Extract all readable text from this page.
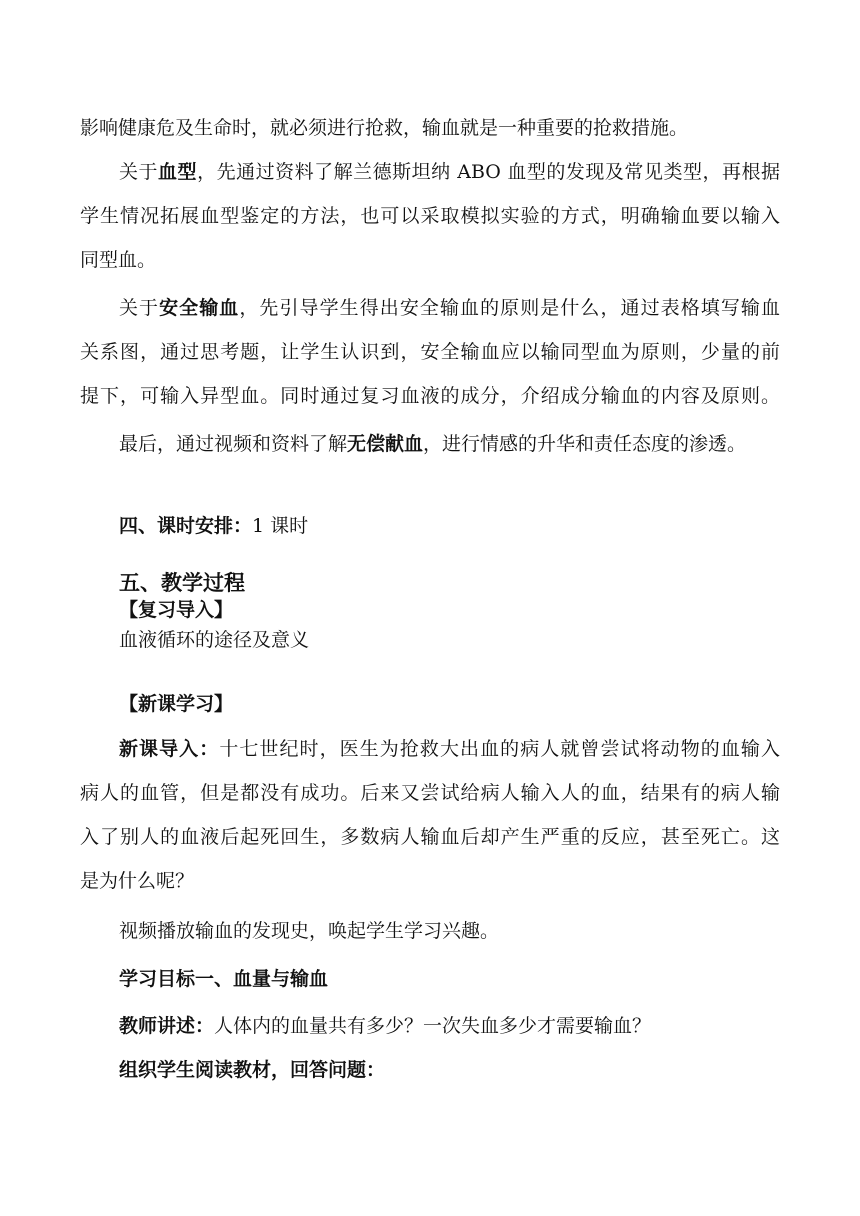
影响健康危及生命时，就必须进行抢救，输血就是一种重要的抢救措施。
关于血型，先通过资料了解兰德斯坦纳 ABO 血型的发现及常见类型，再根据
学生情况拓展血型鉴定的方法，也可以采取模拟实验的方式，明确输血要以输入
同型血。
关于安全输血，先引导学生得出安全输血的原则是什么，通过表格填写输血
关系图，通过思考题，让学生认识到，安全输血应以输同型血为原则，少量的前
提下，可输入异型血。同时通过复习血液的成分，介绍成分输血的内容及原则。
最后，通过视频和资料了解无偿献血，进行情感的升华和责任态度的渗透。
四、课时安排：1 课时
五、教学过程
【复习导入】
血液循环的途径及意义
【新课学习】
新课导入：十七世纪时，医生为抢救大出血的病人就曾尝试将动物的血输入
病人的血管，但是都没有成功。后来又尝试给病人输入人的血，结果有的病人输
入了别人的血液后起死回生，多数病人输血后却产生严重的反应，甚至死亡。这
是为什么呢？
视频播放输血的发现史，唤起学生学习兴趣。
学习目标一、血量与输血
教师讲述：人体内的血量共有多少？一次失血多少才需要输血？
组织学生阅读教材，回答问题：
